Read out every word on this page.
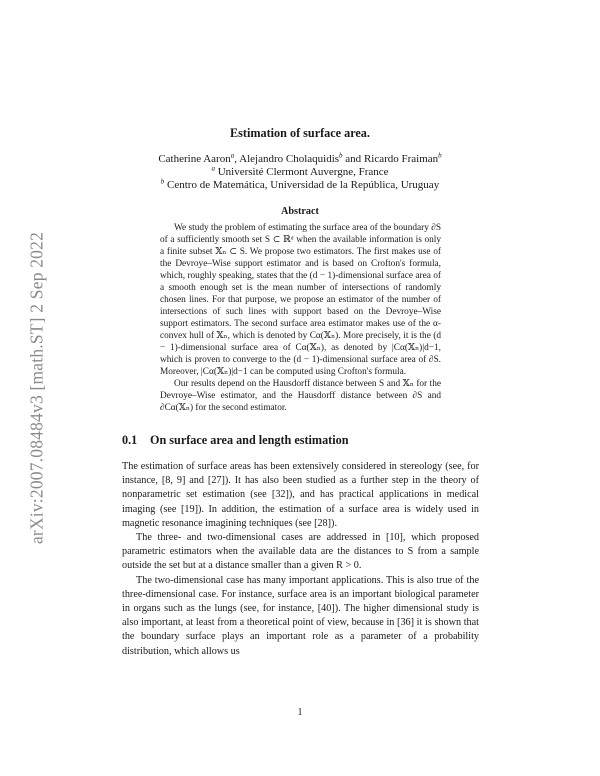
arXiv:2007.08484v3 [math.ST] 2 Sep 2022
Estimation of surface area.
Catherine Aaron$^a$, Alejandro Cholaquidis$^b$ and Ricardo Fraiman$^b$
$^a$ Université Clermont Auvergne, France
$^b$ Centro de Matemática, Universidad de la República, Uruguay
Abstract

We study the problem of estimating the surface area of the boundary ∂S of a sufficiently smooth set S ⊂ ℝᵈ when the available information is only a finite subset 𝕏ₙ ⊂ S. We propose two estimators. The first makes use of the Devroye–Wise support estimator and is based on Crofton's formula, which, roughly speaking, states that the (d − 1)-dimensional surface area of a smooth enough set is the mean number of intersections of randomly chosen lines. For that purpose, we propose an estimator of the number of intersections of such lines with support based on the Devroye–Wise support estimators. The second surface area estimator makes use of the α-convex hull of 𝕏ₙ, which is denoted by Cα(𝕏ₙ). More precisely, it is the (d − 1)-dimensional surface area of Cα(𝕏ₙ), as denoted by |Cα(𝕏ₙ)|d−1, which is proven to converge to the (d − 1)-dimensional surface area of ∂S. Moreover, |Cα(𝕏ₙ)|d−1 can be computed using Crofton's formula.

Our results depend on the Hausdorff distance between S and 𝕏ₙ for the Devroye–Wise estimator, and the Hausdorff distance between ∂S and ∂Cα(𝕏ₙ) for the second estimator.

0.1 On surface area and length estimation

The estimation of surface areas has been extensively considered in stereology (see, for instance, [8, 9] and [27]). It has also been studied as a further step in the theory of nonparametric set estimation (see [32]), and has practical applications in medical imaging (see [19]). In addition, the estimation of a surface area is widely used in magnetic resonance imagining techniques (see [28]).

The three- and two-dimensional cases are addressed in [10], which proposed parametric estimators when the available data are the distances to S from a sample outside the set but at a distance smaller than a given R > 0.

The two-dimensional case has many important applications. This is also true of the three-dimensional case. For instance, surface area is an important biological parameter in organs such as the lungs (see, for instance, [40]). The higher dimensional study is also important, at least from a theoretical point of view, because in [36] it is shown that the boundary surface plays an important role as a parameter of a probability distribution, which allows us

1
